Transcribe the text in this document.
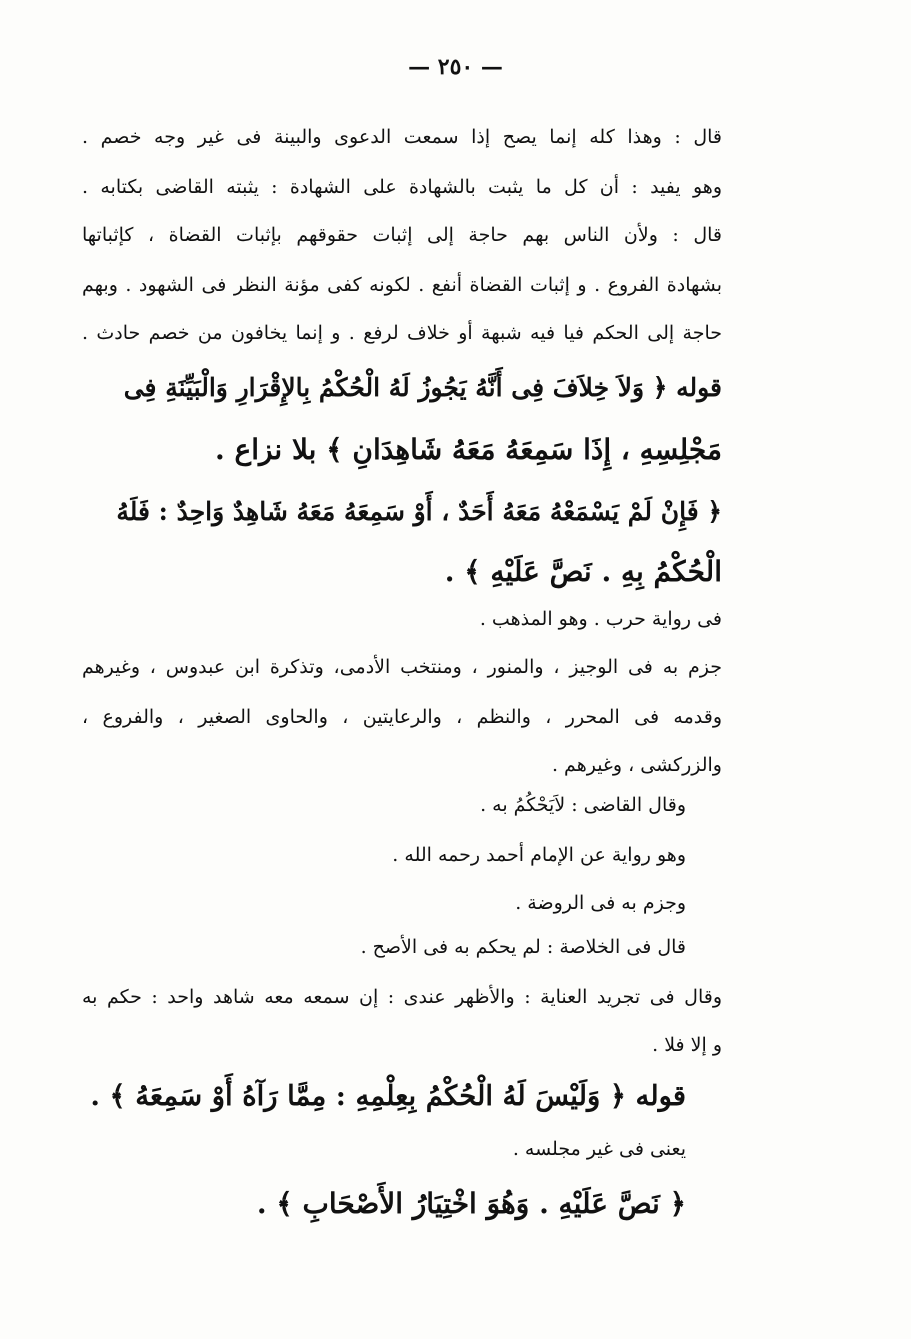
— ٢٥٠ —
قال : وهذا كله إنما يصح إذا سمعت الدعوى والبينة فى غير وجه خصم .
وهو يفيد : أن كل ما يثبت بالشهادة على الشهادة : يثبته القاضى بكتابه .
قال : ولأن الناس بهم حاجة إلى إثبات حقوقهم بإثبات القضاة ، كإثباتها
بشهادة الفروع . و إثبات القضاة أنفع . لكونه كفى مؤنة النظر فى الشهود . وبهم
حاجة إلى الحكم فيا فيه شبهة أو خلاف لرفع . و إنما يخافون من خصم حادث .
قوله ﴿ وَلاَ خِلاَفَ فِى أَنَّهُ يَجُوزُ لَهُ الْحُكْمُ بِالإِقْرَارِ وَالْبَيِّنَةِ فِى
مَجْلِسِهِ ، إِذَا سَمِعَهُ مَعَهُ شَاهِدَانِ ﴾ بلا نزاع .
﴿ فَإِنْ لَمْ يَسْمَعْهُ مَعَهُ أَحَدٌ ، أَوْ سَمِعَهُ مَعَهُ شَاهِدٌ وَاحِدٌ : فَلَهُ
الْحُكْمُ بِهِ . نَصَّ عَلَيْهِ ﴾ .
فى رواية حرب . وهو المذهب .
جزم به فى الوجيز ، والمنور ، ومنتخب الأدمى، وتذكرة ابن عبدوس ، وغيرهم
وقدمه فى المحرر ، والنظم ، والرعايتين ، والحاوى الصغير ، والفروع ،
والزركشى ، وغيرهم .
وقال القاضى : لاَيَحْكُمُ به .
وهو رواية عن الإمام أحمد رحمه الله .
وجزم به فى الروضة .
قال فى الخلاصة : لم يحكم به فى الأصح .
وقال فى تجريد العناية : والأظهر عندى : إن سمعه معه شاهد واحد : حكم به
و إلا فلا .
قوله ﴿ وَلَيْسَ لَهُ الْحُكْمُ بِعِلْمِهِ : مِمَّا رَآهُ أَوْ سَمِعَهُ ﴾ .
يعنى فى غير مجلسه .
﴿ نَصَّ عَلَيْهِ . وَهُوَ اخْتِيَارُ الأَصْحَابِ ﴾ .
